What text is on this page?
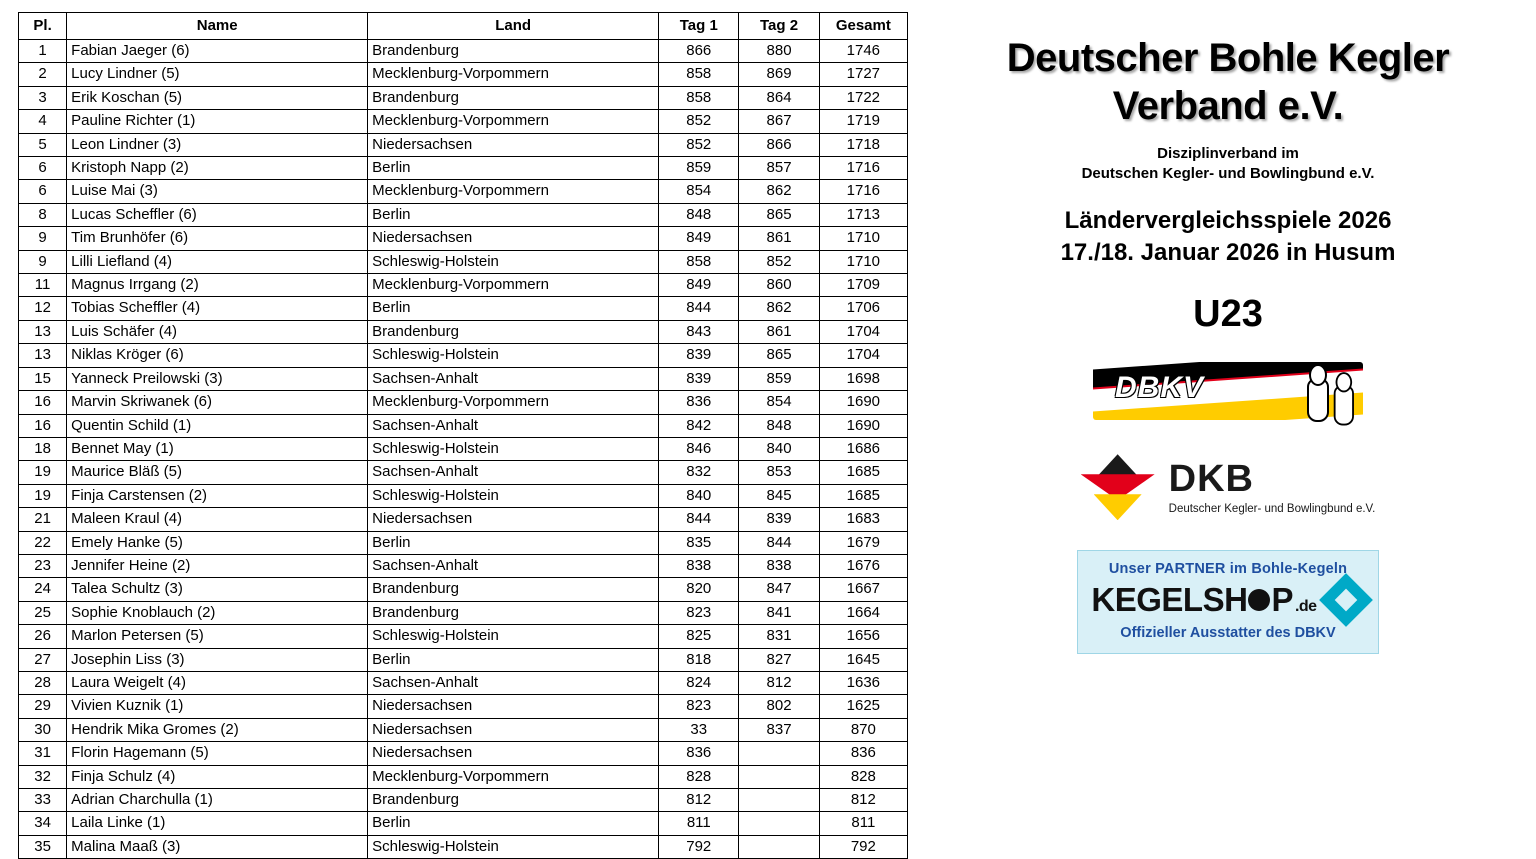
Pl.	Name	Land	Tag 1	Tag 2	Gesamt
1	Fabian Jaeger (6)	Brandenburg	866	880	1746
2	Lucy Lindner (5)	Mecklenburg-Vorpommern	858	869	1727
3	Erik Koschan (5)	Brandenburg	858	864	1722
4	Pauline Richter (1)	Mecklenburg-Vorpommern	852	867	1719
5	Leon Lindner (3)	Niedersachsen	852	866	1718
6	Kristoph Napp (2)	Berlin	859	857	1716
6	Luise Mai (3)	Mecklenburg-Vorpommern	854	862	1716
8	Lucas Scheffler (6)	Berlin	848	865	1713
9	Tim Brunhöfer (6)	Niedersachsen	849	861	1710
9	Lilli Liefland (4)	Schleswig-Holstein	858	852	1710
11	Magnus Irrgang (2)	Mecklenburg-Vorpommern	849	860	1709
12	Tobias Scheffler (4)	Berlin	844	862	1706
13	Luis Schäfer (4)	Brandenburg	843	861	1704
13	Niklas Kröger (6)	Schleswig-Holstein	839	865	1704
15	Yanneck Preilowski (3)	Sachsen-Anhalt	839	859	1698
16	Marvin Skriwanek (6)	Mecklenburg-Vorpommern	836	854	1690
16	Quentin Schild (1)	Sachsen-Anhalt	842	848	1690
18	Bennet May (1)	Schleswig-Holstein	846	840	1686
19	Maurice Bläß (5)	Sachsen-Anhalt	832	853	1685
19	Finja Carstensen (2)	Schleswig-Holstein	840	845	1685
21	Maleen Kraul (4)	Niedersachsen	844	839	1683
22	Emely Hanke (5)	Berlin	835	844	1679
23	Jennifer Heine (2)	Sachsen-Anhalt	838	838	1676
24	Talea Schultz (3)	Brandenburg	820	847	1667
25	Sophie Knoblauch (2)	Brandenburg	823	841	1664
26	Marlon Petersen (5)	Schleswig-Holstein	825	831	1656
27	Josephin Liss (3)	Berlin	818	827	1645
28	Laura Weigelt (4)	Sachsen-Anhalt	824	812	1636
29	Vivien Kuznik (1)	Niedersachsen	823	802	1625
30	Hendrik Mika Gromes (2)	Niedersachsen	33	837	870
31	Florin Hagemann (5)	Niedersachsen	836		836
32	Finja Schulz (4)	Mecklenburg-Vorpommern	828		828
33	Adrian Charchulla (1)	Brandenburg	812		812
34	Laila Linke (1)	Berlin	811		811
35	Malina Maaß (3)	Schleswig-Holstein	792		792
Deutscher Bohle Kegler Verband e.V.
Disziplinverband im
Deutschen Kegler- und Bowlingbund e.V.
Ländervergleichsspiele 2026
17./18. Januar 2026 in Husum
U23
DBKV
DKB
Deutscher Kegler- und Bowlingbund e.V.
Unser PARTNER im Bohle-Kegeln
KEGELSH P .de
Offizieller Ausstatter des DBKV
